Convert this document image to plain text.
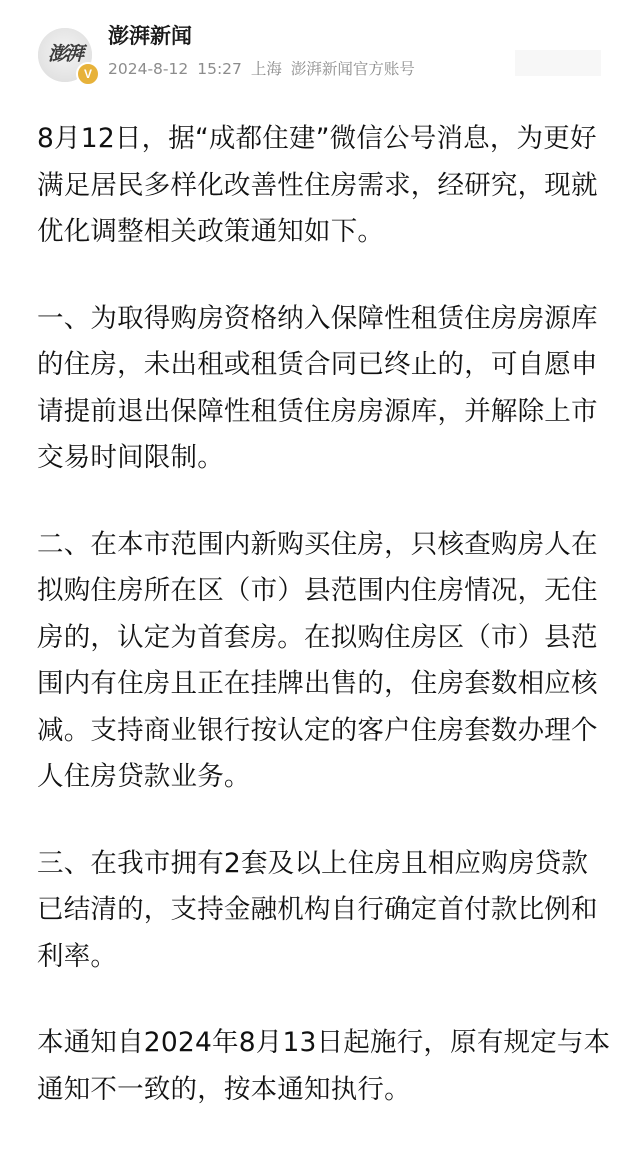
澎湃
V
澎湃新闻
2024-8-12 15:27 上海 澎湃新闻官方账号

8月12日，据“成都住建”微信公号消息，为更好满足居民多样化改善性住房需求，经研究，现就优化调整相关政策通知如下。

一、为取得购房资格纳入保障性租赁住房房源库的住房，未出租或租赁合同已终止的，可自愿申请提前退出保障性租赁住房房源库，并解除上市交易时间限制。

二、在本市范围内新购买住房，只核查购房人在拟购住房所在区（市）县范围内住房情况，无住房的，认定为首套房。在拟购住房区（市）县范围内有住房且正在挂牌出售的，住房套数相应核减。支持商业银行按认定的客户住房套数办理个人住房贷款业务。

三、在我市拥有2套及以上住房且相应购房贷款已结清的，支持金融机构自行确定首付款比例和利率。

本通知自2024年8月13日起施行，原有规定与本通知不一致的，按本通知执行。
